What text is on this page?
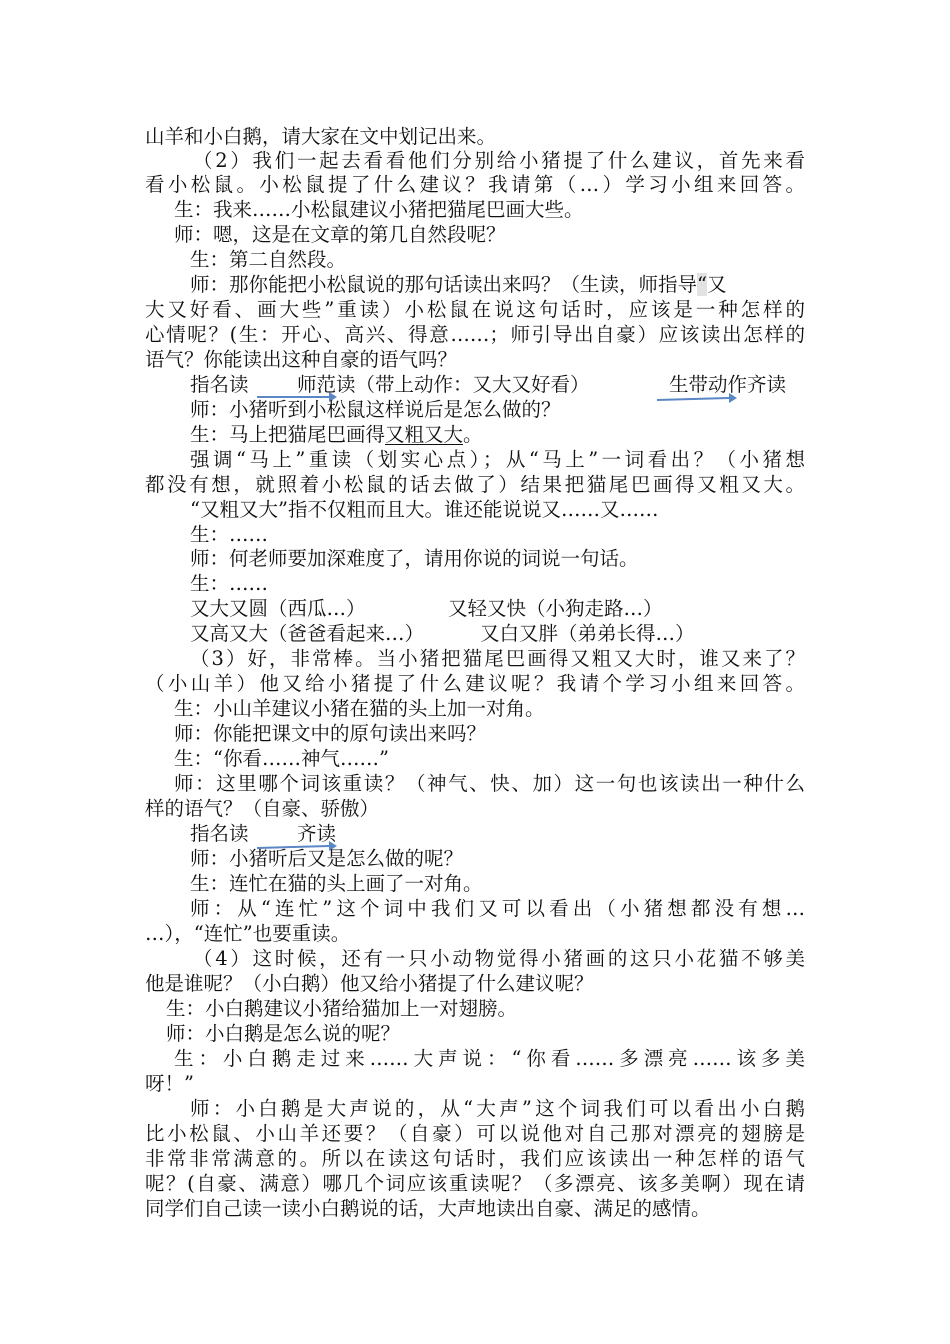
山羊和小白鹅，请大家在文中划记出来。
（2）我们一起去看看他们分别给小猪提了什么建议，首先来看
看小松鼠。小松鼠提了什么建议？我请第（…）学习小组来回答。
生：我来……小松鼠建议小猪把猫尾巴画大些。
师：嗯，这是在文章的第几自然段呢？
生：第二自然段。
师：那你能把小松鼠说的那句话读出来吗？（生读，师指导“又
大又好看、画大些”重读）小松鼠在说这句话时，应该是一种怎样的
心情呢？(生：开心、高兴、得意……；师引导出自豪）应该读出怎样的
语气？你能读出这种自豪的语气吗？
指名读 师范读（带上动作：又大又好看）	生带动作齐读
师：小猪听到小松鼠这样说后是怎么做的？
生：马上把猫尾巴画得又粗又大。
强调“马上”重读（划实心点）；从“马上”一词看出？（小猪想
都没有想，就照着小松鼠的话去做了）结果把猫尾巴画得又粗又大。
“又粗又大”指不仅粗而且大。谁还能说说又……又……
生：……
师：何老师要加深难度了，请用你说的词说一句话。
生：……
又大又圆（西瓜…）	又轻又快（小狗走路…）
又高又大（爸爸看起来…）	又白又胖（弟弟长得…）
（3）好，非常棒。当小猪把猫尾巴画得又粗又大时，谁又来了？
（小山羊）他又给小猪提了什么建议呢？我请个学习小组来回答。
生：小山羊建议小猪在猫的头上加一对角。
师：你能把课文中的原句读出来吗？
生：“你看……神气……”
师：这里哪个词该重读？（神气、快、加）这一句也该读出一种什么
样的语气？（自豪、骄傲）
指名读 齐读
师：小猪听后又是怎么做的呢？
生：连忙在猫的头上画了一对角。
师：从“连忙”这个词中我们又可以看出（小猪想都没有想…
…），“连忙”也要重读。
（4）这时候，还有一只小动物觉得小猪画的这只小花猫不够美
他是谁呢？（小白鹅）他又给小猪提了什么建议呢？
生：小白鹅建议小猪给猫加上一对翅膀。
师：小白鹅是怎么说的呢？
生：小白鹅走过来……大声说：“你看……多漂亮……该多美
呀！”
师：小白鹅是大声说的，从“大声”这个词我们可以看出小白鹅
比小松鼠、小山羊还要？（自豪）可以说他对自己那对漂亮的翅膀是
非常非常满意的。所以在读这句话时，我们应该读出一种怎样的语气
呢？(自豪、满意）哪几个词应该重读呢？（多漂亮、该多美啊）现在请
同学们自己读一读小白鹅说的话，大声地读出自豪、满足的感情。
